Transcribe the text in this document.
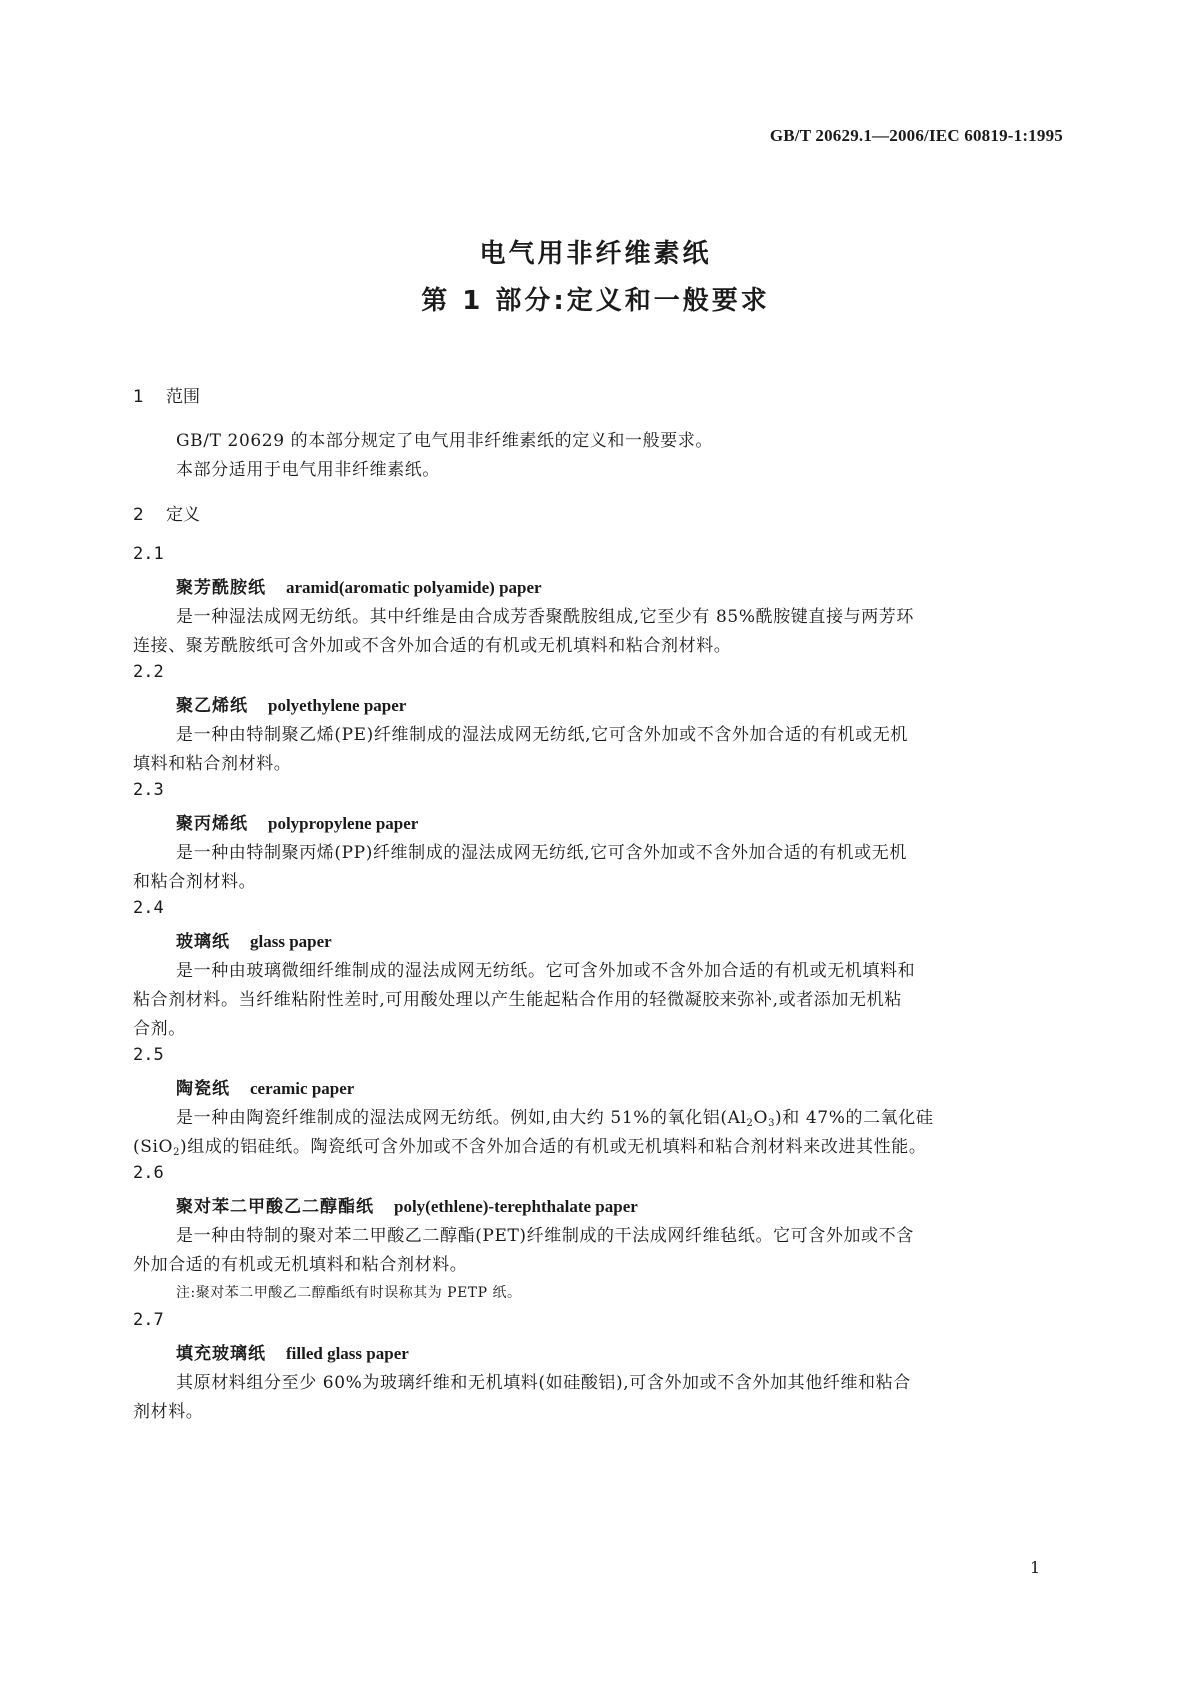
GB/T 20629.1—2006/IEC 60819-1:1995
电气用非纤维素纸
第 1 部分:定义和一般要求
1 范围
GB/T 20629 的本部分规定了电气用非纤维素纸的定义和一般要求。
本部分适用于电气用非纤维素纸。
2 定义
2.1
聚芳酰胺纸 aramid(aromatic polyamide) paper
是一种湿法成网无纺纸。其中纤维是由合成芳香聚酰胺组成,它至少有 85%酰胺键直接与两芳环
连接、聚芳酰胺纸可含外加或不含外加合适的有机或无机填料和粘合剂材料。
2.2
聚乙烯纸 polyethylene paper
是一种由特制聚乙烯(PE)纤维制成的湿法成网无纺纸,它可含外加或不含外加合适的有机或无机
填料和粘合剂材料。
2.3
聚丙烯纸 polypropylene paper
是一种由特制聚丙烯(PP)纤维制成的湿法成网无纺纸,它可含外加或不含外加合适的有机或无机
和粘合剂材料。
2.4
玻璃纸 glass paper
是一种由玻璃微细纤维制成的湿法成网无纺纸。它可含外加或不含外加合适的有机或无机填料和
粘合剂材料。当纤维粘附性差时,可用酸处理以产生能起粘合作用的轻微凝胶来弥补,或者添加无机粘
合剂。
2.5
陶瓷纸 ceramic paper
是一种由陶瓷纤维制成的湿法成网无纺纸。例如,由大约 51%的氧化铝$(Al_2O_3)$和 47%的二氧化硅
(SiO$_2$)组成的铝硅纸。陶瓷纸可含外加或不含外加合适的有机或无机填料和粘合剂材料来改进其性能。
2.6
聚对苯二甲酸乙二醇酯纸 poly(ethlene)-terephthalate paper
是一种由特制的聚对苯二甲酸乙二醇酯(PET)纤维制成的干法成网纤维毡纸。它可含外加或不含
外加合适的有机或无机填料和粘合剂材料。
注:聚对苯二甲酸乙二醇酯纸有时误称其为 PETP 纸。
2.7
填充玻璃纸 filled glass paper
其原材料组分至少 60%为玻璃纤维和无机填料(如硅酸铝),可含外加或不含外加其他纤维和粘合
剂材料。
1
